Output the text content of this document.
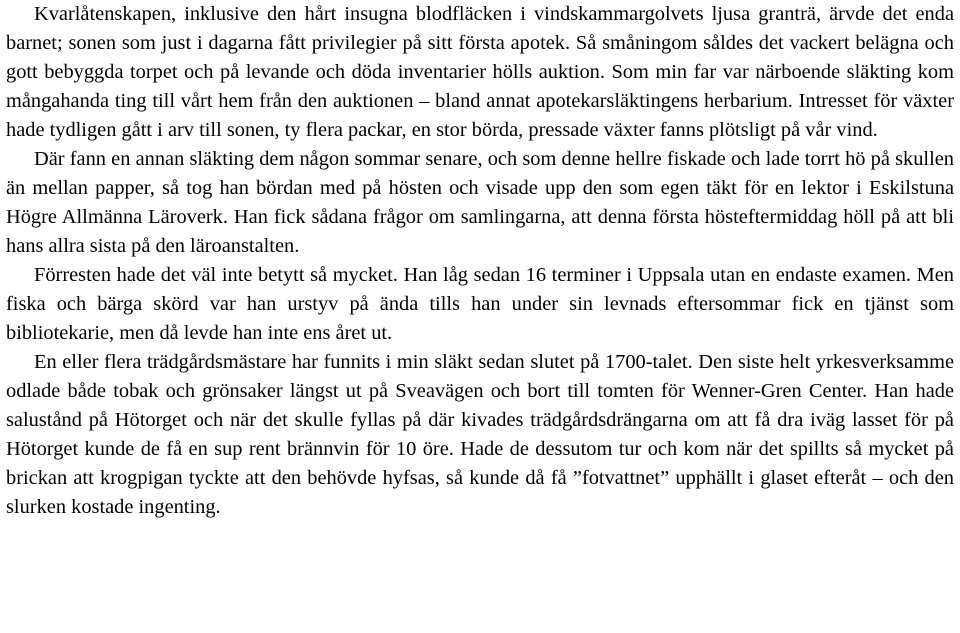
Kvarlåtenskapen, inklusive den hårt insugna blodfläcken i vindskammargolvets ljusa granträ, ärvde det enda barnet; sonen som just i dagarna fått privilegier på sitt första apotek. Så småningom såldes det vackert belägna och gott bebyggda torpet och på levande och döda inventarier hölls auktion. Som min far var närboende släkting kom mångahanda ting till vårt hem från den auktionen – bland annat apotekarsläktingens herbarium. Intresset för växter hade tydligen gått i arv till sonen, ty flera packar, en stor börda, pressade växter fanns plötsligt på vår vind.

Där fann en annan släkting dem någon sommar senare, och som denne hellre fiskade och lade torrt hö på skullen än mellan papper, så tog han bördan med på hösten och visade upp den som egen täkt för en lektor i Eskilstuna Högre Allmänna Läroverk. Han fick sådana frågor om samlingarna, att denna första hösteftermiddag höll på att bli hans allra sista på den läroanstalten.

Förresten hade det väl inte betytt så mycket. Han låg sedan 16 terminer i Uppsala utan en endaste examen. Men fiska och bärga skörd var han urstyv på ända tills han under sin levnads eftersommar fick en tjänst som bibliotekarie, men då levde han inte ens året ut.

En eller flera trädgårdsmästare har funnits i min släkt sedan slutet på 1700-talet. Den siste helt yrkesverksamme odlade både tobak och grönsaker längst ut på Sveavägen och bort till tomten för Wenner-Gren Center. Han hade salustånd på Hötorget och när det skulle fyllas på där kivades trädgårdsdrängarna om att få dra iväg lasset för på Hötorget kunde de få en sup rent brännvin för 10 öre. Hade de dessutom tur och kom när det spillts så mycket på brickan att krogpigan tyckte att den behövde hyfsas, så kunde då få ”fotvattnet” upphällt i glaset efteråt – och den slurken kostade ingenting.
